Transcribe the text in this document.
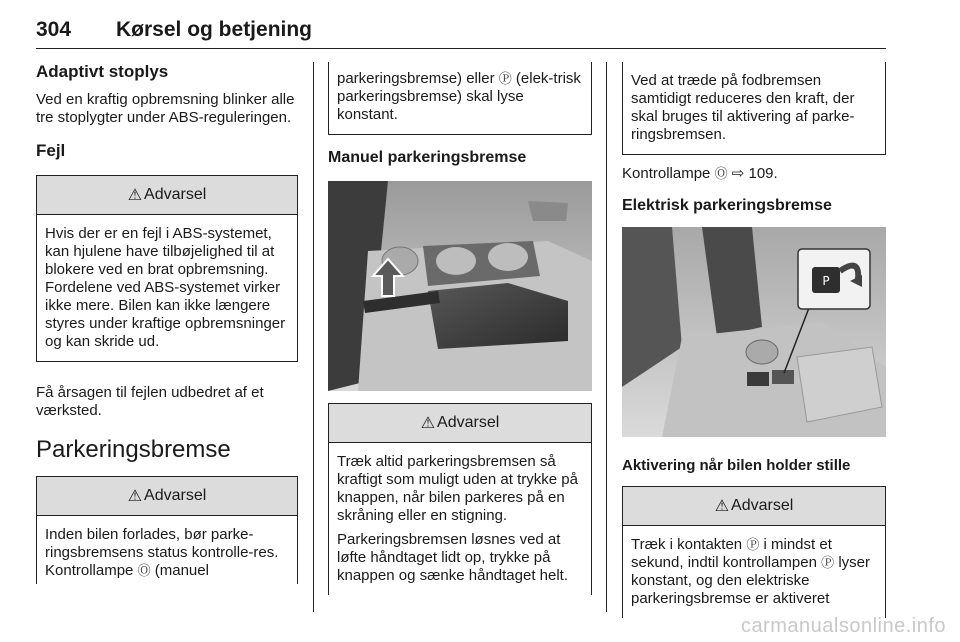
304 Kørsel og betjening
Adaptivt stoplys

Ved en kraftig opbremsning blinker alle tre stoplygter under ABS-reguleringen.

Fejl
⚠ Advarsel
Hvis der er en fejl i ABS-systemet, kan hjulene have tilbøjelighed til at blokere ved en brat opbremsning. Fordelene ved ABS-systemet virker ikke mere. Bilen kan ikke længere styres under kraftige opbremsninger og kan skride ud.

Få årsagen til fejlen udbedret af et værksted.

Parkeringsbremse
⚠ Advarsel
Inden bilen forlades, bør parke-ringsbremsens status kontrolle-res. Kontrollampe Ⓞ (manuel
parkeringsbremse) eller Ⓟ (elek-trisk parkeringsbremse) skal lyse konstant.
Manuel parkeringsbremse
⚠ Advarsel

Træk altid parkeringsbremsen så kraftigt som muligt uden at trykke på knappen, når bilen parkeres på en skråning eller en stigning.

Parkeringsbremsen løsnes ved at løfte håndtaget lidt op, trykke på knappen og sænke håndtaget helt.

Ved at træde på fodbremsen samtidigt reduceres den kraft, der skal bruges til aktivering af parke-ringsbremsen.

Kontrollampe Ⓞ ⇨ 109.

Elektrisk parkeringsbremse
P
Aktivering når bilen holder stille
⚠ Advarsel
Træk i kontakten Ⓟ i mindst et sekund, indtil kontrollampen Ⓟ lyser konstant, og den elektriske parkeringsbremse er aktiveret
carmanualsonline.info
